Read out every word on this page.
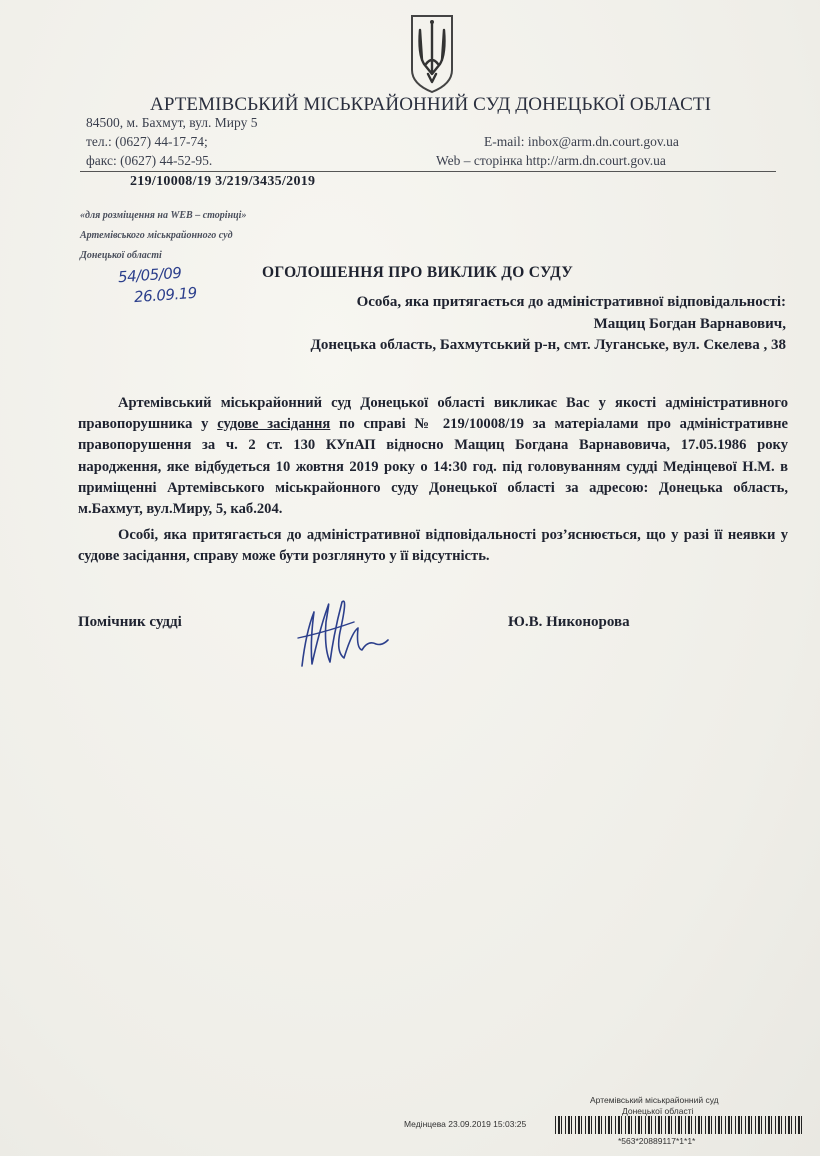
АРТЕМІВСЬКИЙ МІСЬКРАЙОННИЙ СУД ДОНЕЦЬКОЇ ОБЛАСТІ
84500, м. Бахмут, вул. Миру 5
тел.: (0627) 44-17-74;
факс: (0627) 44-52-95.
E-mail: inbox@arm.dn.court.gov.ua
Web – сторінка http://arm.dn.court.gov.ua
219/10008/19 3/219/3435/2019
«для розміщення на WEB – сторінці»
Артемівського міськрайонного суд
Донецької області
54/05/09
26.09.19
ОГОЛОШЕННЯ ПРО ВИКЛИК ДО СУДУ
Особа, яка притягається до адміністративної відповідальності:
Мащиц Богдан Варнавович,
Донецька область, Бахмутський р-н, смт. Луганське, вул. Скелева , 38

Артемівський міськрайонний суд Донецької області викликає Вас у якості адміністративного правопорушника у судове засідання по справі № 219/10008/19 за матеріалами про адміністративне правопорушення за ч. 2 ст. 130 КУпАП відносно Мащиц Богдана Варнавовича, 17.05.1986 року народження, яке відбудеться 10 жовтня 2019 року о 14:30 год. під головуванням судді Медінцевої Н.М. в приміщенні Артемівського міськрайонного суду Донецької області за адресою: Донецька область, м.Бахмут, вул.Миру, 5, каб.204.

Особі, яка притягається до адміністративної відповідальності роз’яснюється, що у разі її неявки у судове засідання, справу може бути розглянуто у її відсутність.

Помічник судді	Ю.В. Никонорова
Артемівський міськрайонний суд
Донецької області
Медінцева 23.09.2019 15:03:25
*563*20889117*1*1*
